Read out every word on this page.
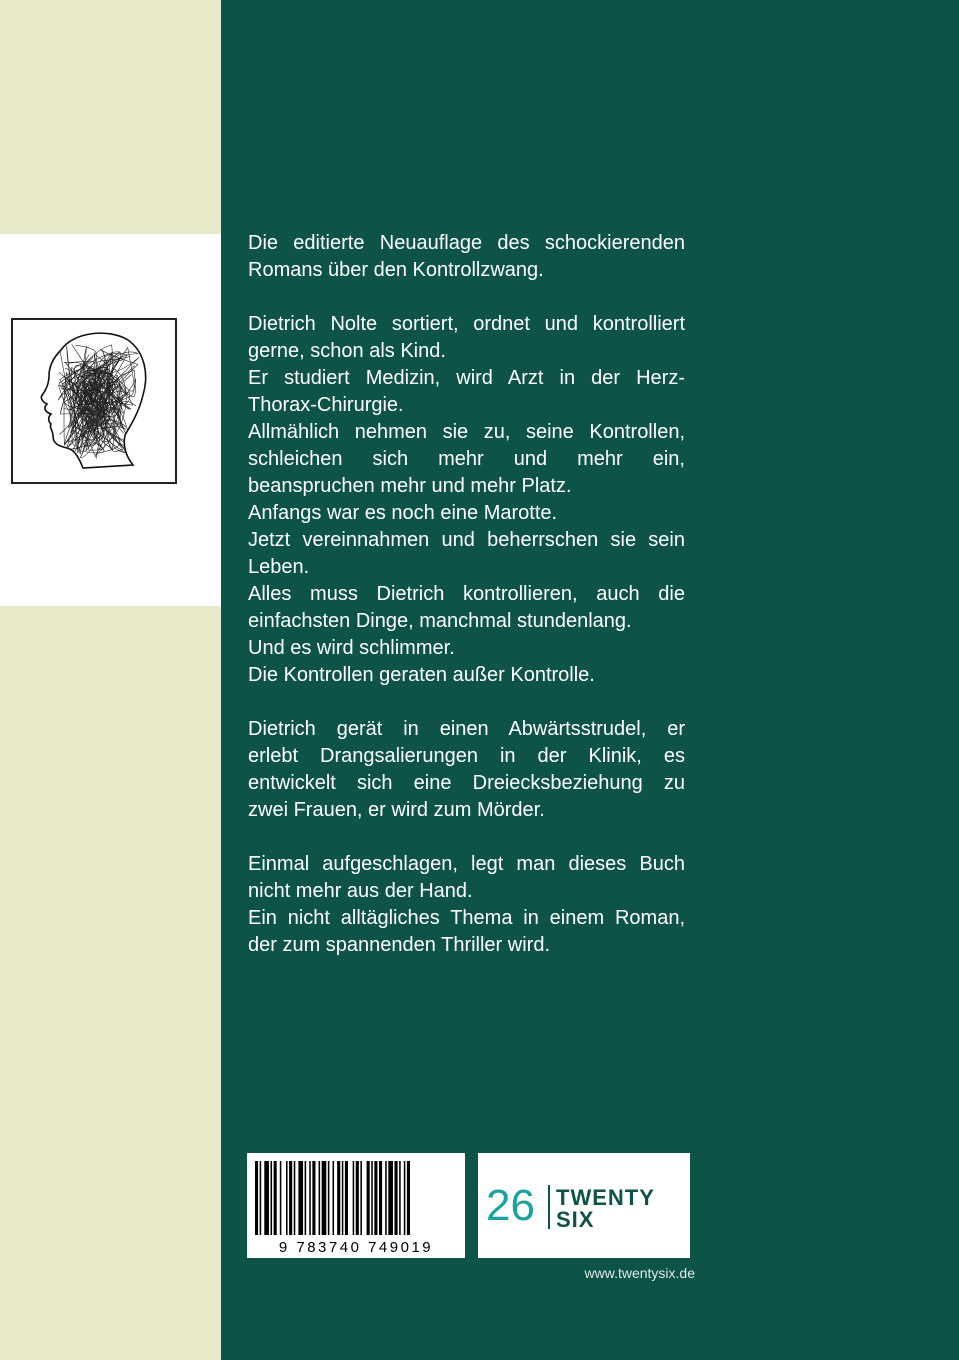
Die editierte Neuauflage des schockierenden
Romans über den Kontrollzwang.

Dietrich Nolte sortiert, ordnet und kontrolliert
gerne, schon als Kind.
Er studiert Medizin, wird Arzt in der Herz-
Thorax-Chirurgie.
Allmählich nehmen sie zu, seine Kontrollen,
schleichen sich mehr und mehr ein,
beanspruchen mehr und mehr Platz.
Anfangs war es noch eine Marotte.
Jetzt vereinnahmen und beherrschen sie sein
Leben.
Alles muss Dietrich kontrollieren, auch die
einfachsten Dinge, manchmal stundenlang.
Und es wird schlimmer.
Die Kontrollen geraten außer Kontrolle.

Dietrich gerät in einen Abwärtsstrudel, er
erlebt Drangsalierungen in der Klinik, es
entwickelt sich eine Dreiecksbeziehung zu
zwei Frauen, er wird zum Mörder.

Einmal aufgeschlagen, legt man dieses Buch
nicht mehr aus der Hand.
Ein nicht alltägliches Thema in einem Roman,
der zum spannenden Thriller wird.

9 783740 749019
26 TWENTY
SIX
www.twentysix.de
